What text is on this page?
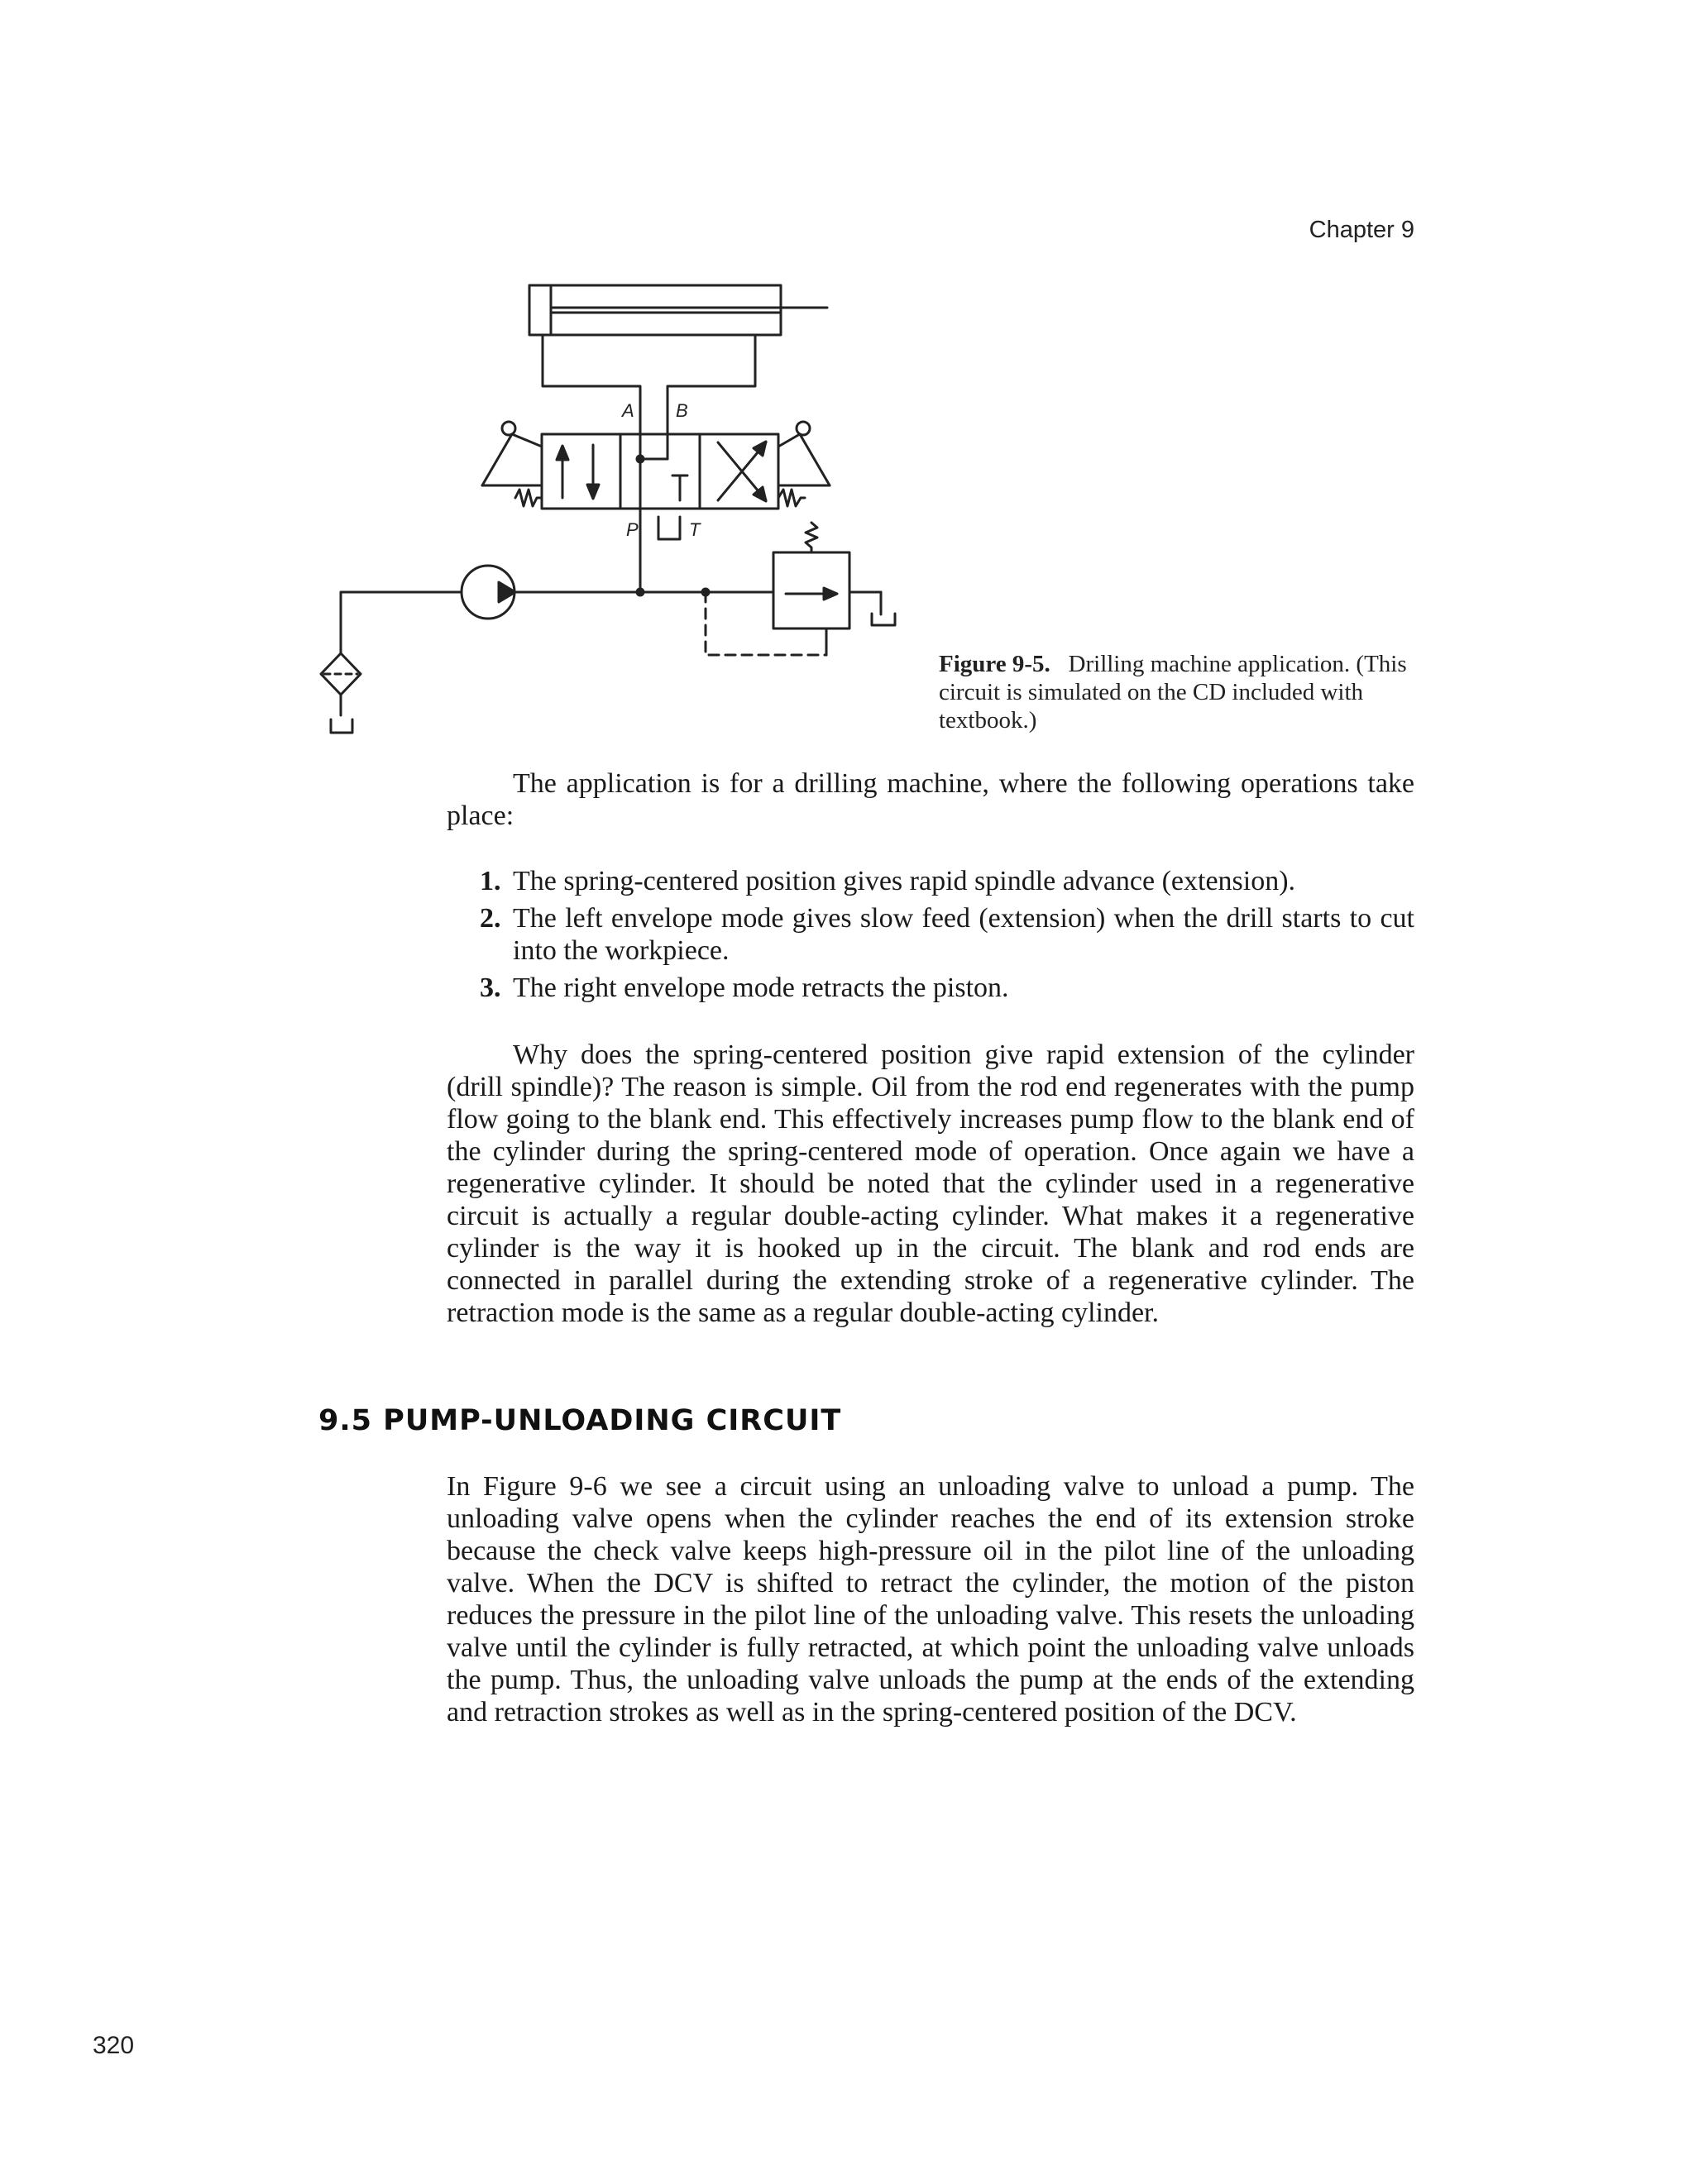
Chapter 9
A B
P	T
Figure 9-5. Drilling machine application. (This circuit is simulated on the CD included with textbook.)
The application is for a drilling machine, where the following operations take place:
1. The spring-centered position gives rapid spindle advance (extension).
2. The left envelope mode gives slow feed (extension) when the drill starts to cut into the workpiece.
3. The right envelope mode retracts the piston.
Why does the spring-centered position give rapid extension of the cylinder (drill spindle)? The reason is simple. Oil from the rod end regenerates with the pump flow going to the blank end. This effectively increases pump flow to the blank end of the cylinder during the spring-centered mode of operation. Once again we have a regenerative cylinder. It should be noted that the cylinder used in a regenerative circuit is actually a regular double-acting cylinder. What makes it a regenerative cylinder is the way it is hooked up in the circuit. The blank and rod ends are connected in parallel during the extending stroke of a regenerative cylinder. The retraction mode is the same as a regular double-acting cylinder.
9.5 PUMP-UNLOADING CIRCUIT
In Figure 9-6 we see a circuit using an unloading valve to unload a pump. The unloading valve opens when the cylinder reaches the end of its extension stroke because the check valve keeps high-pressure oil in the pilot line of the unloading valve. When the DCV is shifted to retract the cylinder, the motion of the piston reduces the pressure in the pilot line of the unloading valve. This resets the unloading valve until the cylinder is fully retracted, at which point the unloading valve unloads the pump. Thus, the unloading valve unloads the pump at the ends of the extending and retraction strokes as well as in the spring-centered position of the DCV.
320
